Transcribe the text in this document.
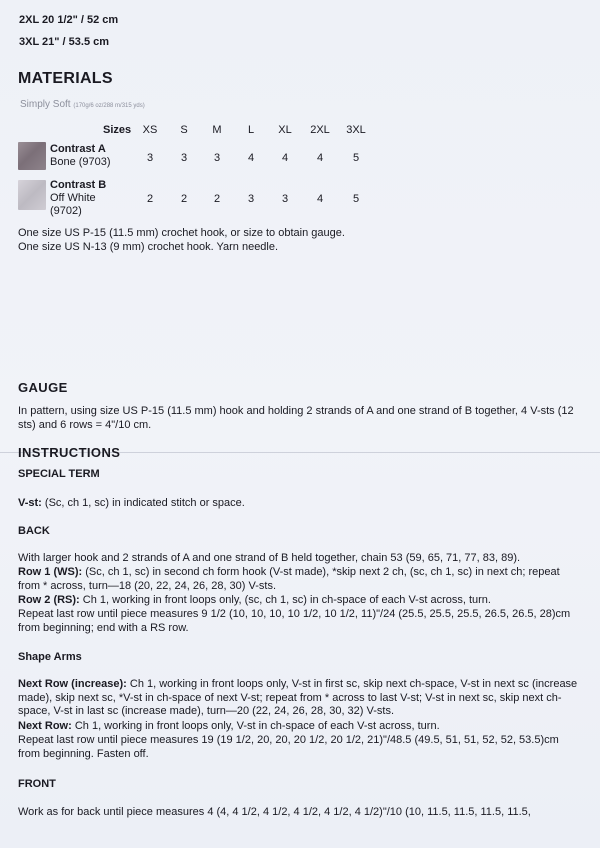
2XL 20 1/2" / 52 cm
3XL 21" / 53.5 cm
MATERIALS
Simply Soft (170g/6 oz/288 m/315 yds)
Sizes	XS	S	M	L	XL	2XL	3XL
Contrast A
Bone (9703)	3	3	3	4	4	4	5
Contrast B
Off White
(9702)
2	2	2	3	3	4	5
One size US P-15 (11.5 mm) crochet hook, or size to obtain gauge. One size US N-13 (9 mm) crochet hook. Yarn needle.
GAUGE
In pattern, using size US P-15 (11.5 mm) hook and holding 2 strands of A and one strand of B together, 4 V-sts (12 sts) and 6 rows = 4"/10 cm.
INSTRUCTIONS
SPECIAL TERM
V-st: (Sc, ch 1, sc) in indicated stitch or space.
BACK
With larger hook and 2 strands of A and one strand of B held together, chain 53 (59, 65, 71, 77, 83, 89).
Row 1 (WS): (Sc, ch 1, sc) in second ch form hook (V-st made), *skip next 2 ch, (sc, ch 1, sc) in next ch; repeat from * across, turn—18 (20, 22, 24, 26, 28, 30) V-sts.
Row 2 (RS): Ch 1, working in front loops only, (sc, ch 1, sc) in ch-space of each V-st across, turn.
Repeat last row until piece measures 9 1/2 (10, 10, 10, 10 1/2, 10 1/2, 11)"/24 (25.5, 25.5, 25.5, 26.5, 26.5, 28)cm from beginning; end with a RS row.
Shape Arms
Next Row (increase): Ch 1, working in front loops only, V-st in first sc, skip next ch-space, V-st in next sc (increase made), skip next sc, *V-st in ch-space of next V-st; repeat from * across to last V-st; V-st in next sc, skip next ch-space, V-st in last sc (increase made), turn—20 (22, 24, 26, 28, 30, 32) V-sts.
Next Row: Ch 1, working in front loops only, V-st in ch-space of each V-st across, turn.
Repeat last row until piece measures 19 (19 1/2, 20, 20, 20 1/2, 20 1/2, 21)"/48.5 (49.5, 51, 51, 52, 52, 53.5)cm from beginning. Fasten off.
FRONT
Work as for back until piece measures 4 (4, 4 1/2, 4 1/2, 4 1/2, 4 1/2, 4 1/2)"/10 (10, 11.5, 11.5, 11.5, 11.5,
